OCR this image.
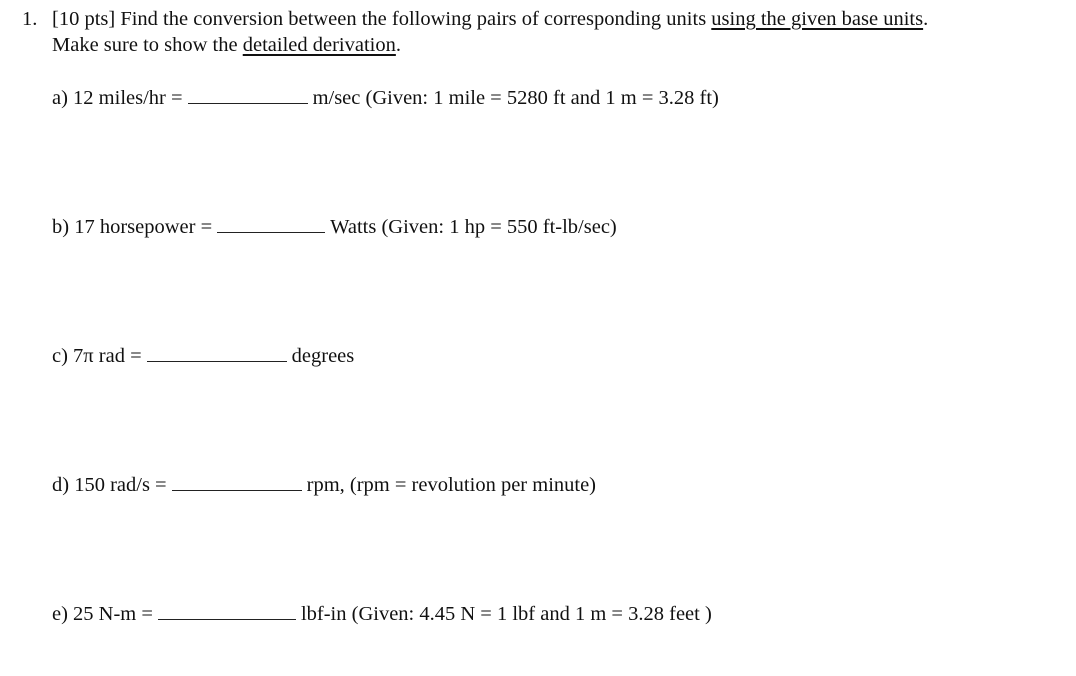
1. [10 pts] Find the conversion between the following pairs of corresponding units using the given base units.
Make sure to show the detailed derivation.
a) 12 miles/hr =	m/sec (Given: 1 mile = 5280 ft and 1 m = 3.28 ft)
b) 17 horsepower =	Watts (Given: 1 hp = 550 ft-lb/sec)
c) 7π rad =	degrees
d) 150 rad/s =	rpm, (rpm = revolution per minute)
e) 25 N-m =	lbf-in (Given: 4.45 N = 1 lbf and 1 m = 3.28 feet )
